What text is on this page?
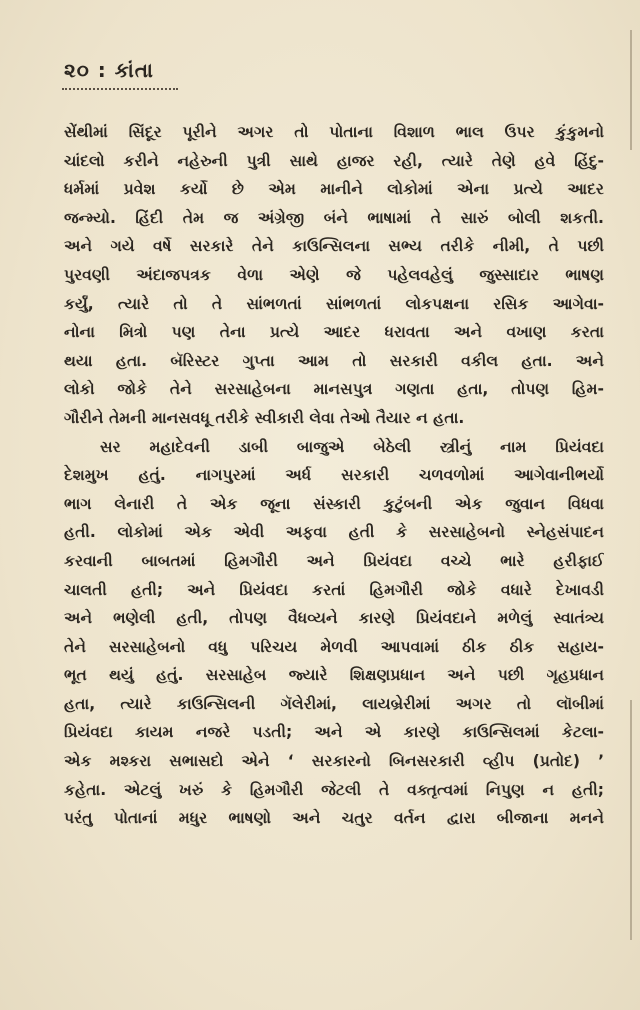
૨૦ : કાંતા
સેંથીમાં સિંદૂર પૂરીને અગર તો પોતાના વિશાળ ભાલ ઉપર કુંકુમનો
ચાંદલો કરીને નહેરુની પુત્રી સાથે હાજર રહી, ત્યારે તેણે હવે હિંદુ-
ધર્મમાં પ્રવેશ કર્યો છે એમ માનીને લોકોમાં એના પ્રત્યે આદર
જન્મ્યો. હિંદી તેમ જ અંગ્રેજી બંને ભાષામાં તે સારું બોલી શકતી.
અને ગયે વર્ષે સરકારે તેને કાઉન્સિલના સભ્ય તરીકે નીમી, તે પછી
પુરવણી અંદાજપત્રક વેળા એણે જે પહેલવહેલું જુસ્સાદાર ભાષણ
કર્યું, ત્યારે તો તે સાંભળતાં સાંભળતાં લોકપક્ષના રસિક આગેવા-
નોના મિત્રો પણ તેના પ્રત્યે આદર ધરાવતા અને વખાણ કરતા
થયા હતા. બૅરિસ્ટર ગુપ્તા આમ તો સરકારી વકીલ હતા. અને
લોકો જોકે તેને સરસાહેબના માનસપુત્ર ગણતા હતા, તોપણ હિમ-
ગૌરીને તેમની માનસવધૂ તરીકે સ્વીકારી લેવા તેઓ તૈયાર ન હતા.
સર મહાદેવની ડાબી બાજુએ બેઠેલી સ્ત્રીનું નામ પ્રિયંવદા
દેશમુખ હતું. નાગપુરમાં અર્ધ સરકારી ચળવળોમાં આગેવાનીભર્યો
ભાગ લેનારી તે એક જૂના સંસ્કારી કુટુંબની એક જુવાન વિધવા
હતી. લોકોમાં એક એવી અફવા હતી કે સરસાહેબનો સ્નેહસંપાદન
કરવાની બાબતમાં હિમગૌરી અને પ્રિયંવદા વચ્ચે ભારે હરીફાઈ
ચાલતી હતી; અને પ્રિયંવદા કરતાં હિમગૌરી જોકે વધારે દેખાવડી
અને ભણેલી હતી, તોપણ વૈધવ્યને કારણે પ્રિયંવદાને મળેલું સ્વાતંત્ર્ય
તેને સરસાહેબનો વધુ પરિચય મેળવી આપવામાં ઠીક ઠીક સહાય-
ભૂત થયું હતું. સરસાહેબ જ્યારે શિક્ષણપ્રધાન અને પછી ગૃહપ્રધાન
હતા, ત્યારે કાઉન્સિલની ગૅલેરીમાં, લાયબ્રેરીમાં અગર તો લૉબીમાં
પ્રિયંવદા કાયમ નજરે પડતી; અને એ કારણે કાઉન્સિલમાં કેટલા-
એક મશ્કરા સભાસદો એને ‘ સરકારનો બિનસરકારી વ્હીપ (પ્રતોદ) ’
કહેતા. એટલું ખરું કે હિમગૌરી જેટલી તે વક્તૃત્વમાં નિપુણ ન હતી;
પરંતુ પોતાનાં મધુર ભાષણો અને ચતુર વર્તન દ્વારા બીજાના મનને
